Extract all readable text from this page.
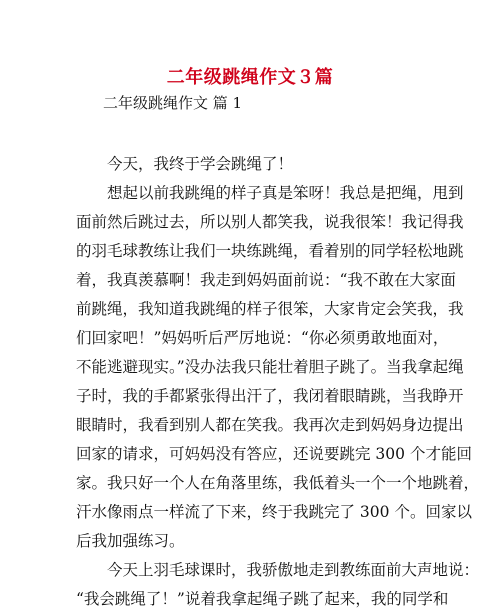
二年级跳绳作文３篇
二年级跳绳作文 篇 1
今天，我终于学会跳绳了！
想起以前我跳绳的样子真是笨呀！我总是把绳，甩到
面前然后跳过去，所以别人都笑我，说我很笨！我记得我
的羽毛球教练让我们一块练跳绳，看着别的同学轻松地跳
着，我真羡慕啊！我走到妈妈面前说：“我不敢在大家面
前跳绳，我知道我跳绳的样子很笨，大家肯定会笑我，我
们回家吧！”妈妈听后严厉地说：“你必须勇敢地面对，
不能逃避现实。”没办法我只能壮着胆子跳了。当我拿起绳
子时，我的手都紧张得出汗了，我闭着眼睛跳，当我睁开
眼睛时，我看到别人都在笑我。我再次走到妈妈身边提出
回家的请求，可妈妈没有答应，还说要跳完 300 个才能回
家。我只好一个人在角落里练，我低着头一个一个地跳着，
汗水像雨点一样流了下来，终于我跳完了 300 个。回家以
后我加强练习。
今天上羽毛球课时，我骄傲地走到教练面前大声地说：
“我会跳绳了！”说着我拿起绳子跳了起来，我的同学和
